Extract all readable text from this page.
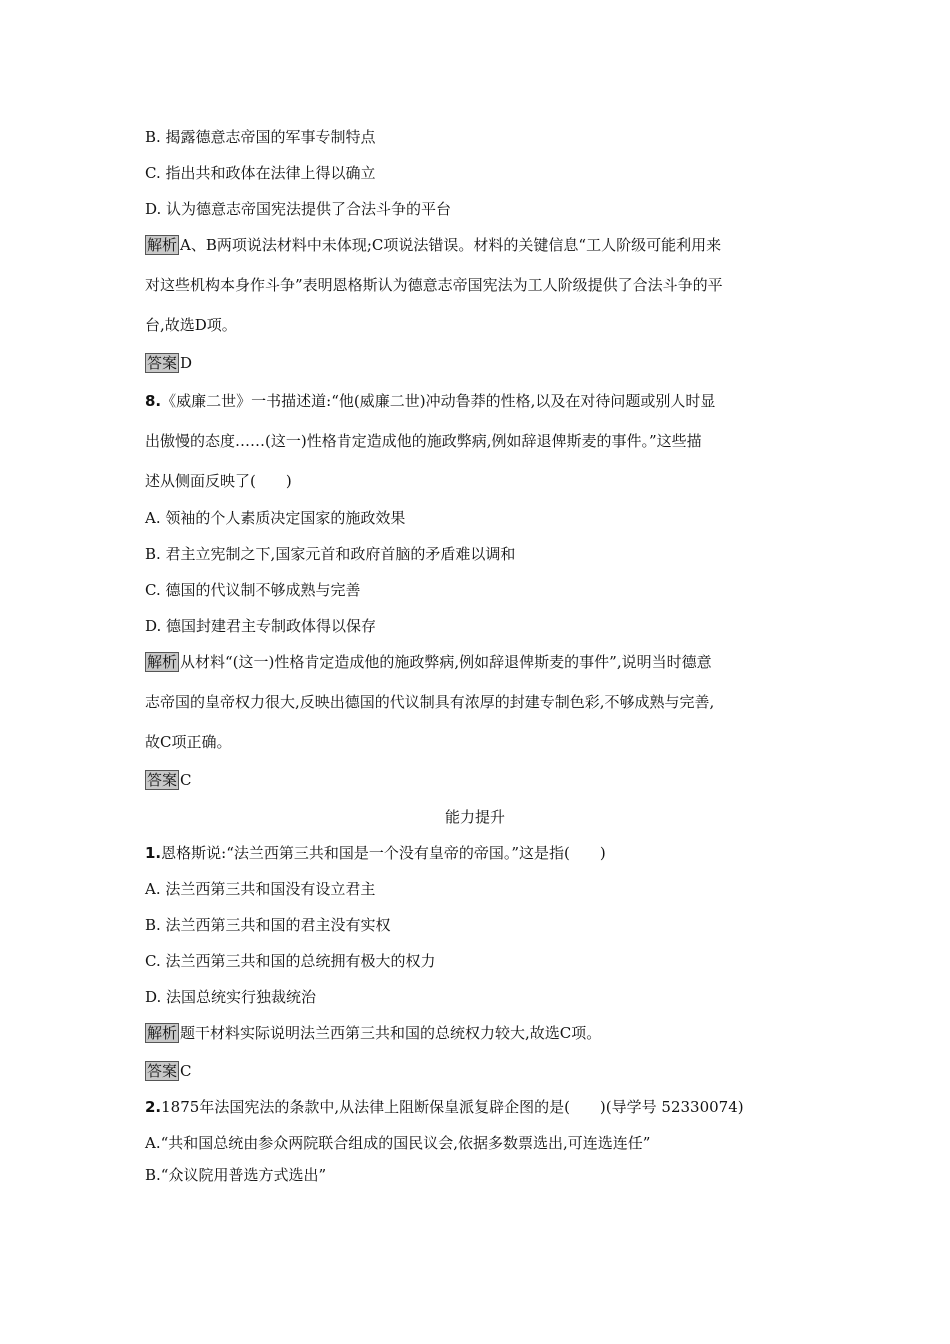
B. 揭露德意志帝国的军事专制特点
C. 指出共和政体在法律上得以确立
D. 认为德意志帝国宪法提供了合法斗争的平台
解析 A、B两项说法材料中未体现;C项说法错误。材料的关键信息“工人阶级可能利用来
对这些机构本身作斗争”表明恩格斯认为德意志帝国宪法为工人阶级提供了合法斗争的平
台,故选D项。
答案 D
8.《威廉二世》一书描述道:“他(威廉二世)冲动鲁莽的性格,以及在对待问题或别人时显
出傲慢的态度……(这一)性格肯定造成他的施政弊病,例如辞退俾斯麦的事件。”这些描
述从侧面反映了(　　)
A. 领袖的个人素质决定国家的施政效果
B. 君主立宪制之下,国家元首和政府首脑的矛盾难以调和
C. 德国的代议制不够成熟与完善
D. 德国封建君主专制政体得以保存
解析 从材料“(这一)性格肯定造成他的施政弊病,例如辞退俾斯麦的事件”,说明当时德意
志帝国的皇帝权力很大,反映出德国的代议制具有浓厚的封建专制色彩,不够成熟与完善,
故C项正确。
答案 C
能力提升
1.恩格斯说:“法兰西第三共和国是一个没有皇帝的帝国。”这是指(　　)
A. 法兰西第三共和国没有设立君主
B. 法兰西第三共和国的君主没有实权
C. 法兰西第三共和国的总统拥有极大的权力
D. 法国总统实行独裁统治
解析 题干材料实际说明法兰西第三共和国的总统权力较大,故选C项。
答案 C
2.1875年法国宪法的条款中,从法律上阻断保皇派复辟企图的是(　　)(导学号 52330074)
A.“共和国总统由参众两院联合组成的国民议会,依据多数票选出,可连选连任”
B.“众议院用普选方式选出”
